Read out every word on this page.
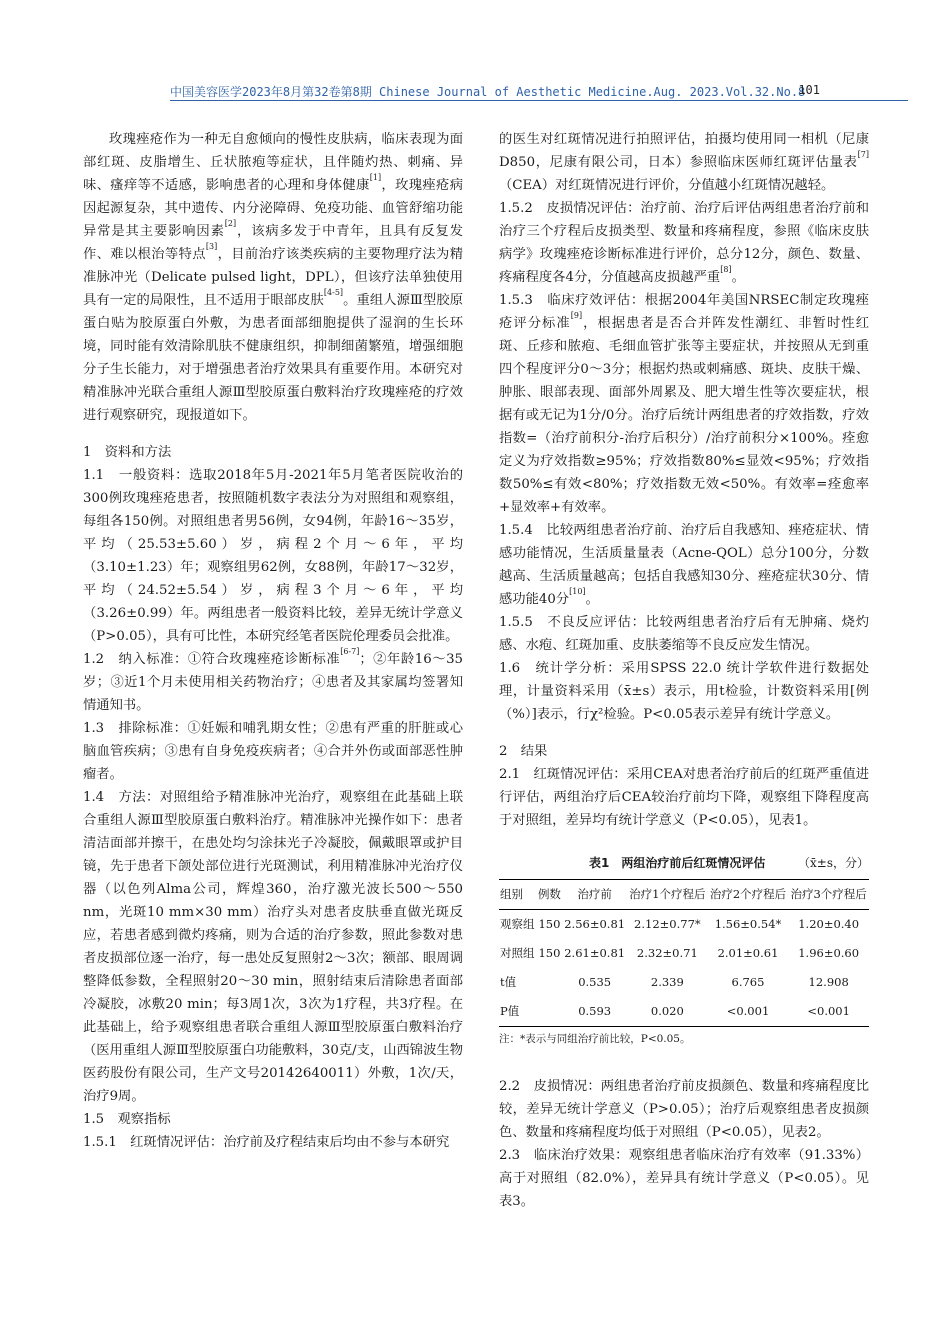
中国美容医学2023年8月第32卷第8期 Chinese Journal of Aesthetic Medicine.Aug. 2023.Vol.32.No.8
101

玫瑰痤疮作为一种无自愈倾向的慢性皮肤病，临床表现为面部红斑、皮脂增生、丘状脓疱等症状，且伴随灼热、刺痛、异味、瘙痒等不适感，影响患者的心理和身体健康[1]，玫瑰痤疮病因起源复杂，其中遗传、内分泌障碍、免疫功能、血管舒缩功能异常是其主要影响因素[2]，该病多发于中青年，且具有反复发作、难以根治等特点[3]，目前治疗该类疾病的主要物理疗法为精准脉冲光（Delicate pulsed light，DPL），但该疗法单独使用具有一定的局限性，且不适用于眼部皮肤[4-5]。重组人源Ⅲ型胶原蛋白贴为胶原蛋白外敷，为患者面部细胞提供了湿润的生长环境，同时能有效清除肌肤不健康组织，抑制细菌繁殖，增强细胞分子生长能力，对于增强患者治疗效果具有重要作用。本研究对精准脉冲光联合重组人源Ⅲ型胶原蛋白敷料治疗玫瑰痤疮的疗效进行观察研究，现报道如下。

1　资料和方法

1.1　一般资料：选取2018年5月-2021年5月笔者医院收治的300例玫瑰痤疮患者，按照随机数字表法分为对照组和观察组，每组各150例。对照组患者男56例，女94例，年龄16～35岁，平均（25.53±5.60）岁，病程2个月～6年，平均（3.10±1.23）年；观察组男62例，女88例，年龄17～32岁，平均（24.52±5.54）岁，病程3个月～6年，平均（3.26±0.99）年。两组患者一般资料比较，差异无统计学意义（P>0.05），具有可比性，本研究经笔者医院伦理委员会批准。

1.2　纳入标准：①符合玫瑰痤疮诊断标准[6-7]；②年龄16～35岁；③近1个月未使用相关药物治疗；④患者及其家属均签署知情通知书。

1.3　排除标准：①妊娠和哺乳期女性；②患有严重的肝脏或心脑血管疾病；③患有自身免疫疾病者；④合并外伤或面部恶性肿瘤者。

1.4　方法：对照组给予精准脉冲光治疗，观察组在此基础上联合重组人源Ⅲ型胶原蛋白敷料治疗。精准脉冲光操作如下：患者清洁面部并擦干，在患处均匀涂抹光子冷凝胶，佩戴眼罩或护目镜，先于患者下颌处部位进行光斑测试，利用精准脉冲光治疗仪器（以色列Alma公司，辉煌360，治疗激光波长500～550 nm，光斑10 mm×30 mm）治疗头对患者皮肤垂直做光斑反应，若患者感到微灼疼痛，则为合适的治疗参数，照此参数对患者皮损部位逐一治疗，每一患处反复照射2～3次；额部、眼周调整降低参数，全程照射20～30 min，照射结束后清除患者面部冷凝胶，冰敷20 min；每3周1次，3次为1疗程，共3疗程。在此基础上，给予观察组患者联合重组人源Ⅲ型胶原蛋白敷料治疗（医用重组人源Ⅲ型胶原蛋白功能敷料，30克/支，山西锦波生物医药股份有限公司，生产文号20142640011）外敷，1次/天，治疗9周。

1.5　观察指标

1.5.1　红斑情况评估：治疗前及疗程结束后均由不参与本研究

的医生对红斑情况进行拍照评估，拍摄均使用同一相机（尼康D850，尼康有限公司，日本）参照临床医师红斑评估量表[7]（CEA）对红斑情况进行评价，分值越小红斑情况越轻。

1.5.2　皮损情况评估：治疗前、治疗后评估两组患者治疗前和治疗三个疗程后皮损类型、数量和疼痛程度，参照《临床皮肤病学》玫瑰痤疮诊断标准进行评价，总分12分，颜色、数量、疼痛程度各4分，分值越高皮损越严重[8]。

1.5.3　临床疗效评估：根据2004年美国NRSEC制定玫瑰痤疮评分标准[9]，根据患者是否合并阵发性潮红、非暂时性红斑、丘疹和脓疱、毛细血管扩张等主要症状，并按照从无到重四个程度评分0～3分；根据灼热或刺痛感、斑块、皮肤干燥、肿胀、眼部表现、面部外周累及、肥大增生性等次要症状，根据有或无记为1分/0分。治疗后统计两组患者的疗效指数，疗效指数=（治疗前积分-治疗后积分）/治疗前积分×100%。痊愈定义为疗效指数≥95%；疗效指数80%≤显效<95%；疗效指数50%≤有效<80%；疗效指数无效<50%。有效率=痊愈率+显效率+有效率。

1.5.4　比较两组患者治疗前、治疗后自我感知、痤疮症状、情感功能情况，生活质量量表（Acne-QOL）总分100分，分数越高、生活质量越高；包括自我感知30分、痤疮症状30分、情感功能40分[10]。

1.5.5　不良反应评估：比较两组患者治疗后有无肿痛、烧灼感、水疱、红斑加重、皮肤萎缩等不良反应发生情况。

1.6　统计学分析：采用SPSS 22.0 统计学软件进行数据处理，计量资料采用（x̄±s）表示，用t检验，计数资料采用[例（%）]表示，行χ²检验。P<0.05表示差异有统计学意义。

2　结果

2.1　红斑情况评估：采用CEA对患者治疗前后的红斑严重值进行评估，两组治疗后CEA较治疗前均下降，观察组下降程度高于对照组，差异均有统计学意义（P<0.05），见表1。

表1　两组治疗前后红斑情况评估	（x̄±s，分）
组别	例数	治疗前	治疗1个疗程后	治疗2个疗程后	治疗3个疗程后
观察组	150	2.56±0.81	2.12±0.77*	1.56±0.54*	1.20±0.40
对照组	150	2.61±0.81	2.32±0.71	2.01±0.61	1.96±0.60
t值		0.535	2.339	6.765	12.908
P值		0.593	0.020	<0.001	<0.001
注：*表示与同组治疗前比较，P<0.05。

2.2　皮损情况：两组患者治疗前皮损颜色、数量和疼痛程度比较，差异无统计学意义（P>0.05）；治疗后观察组患者皮损颜色、数量和疼痛程度均低于对照组（P<0.05），见表2。

2.3　临床治疗效果：观察组患者临床治疗有效率（91.33%）高于对照组（82.0%），差异具有统计学意义（P<0.05）。见表3。
